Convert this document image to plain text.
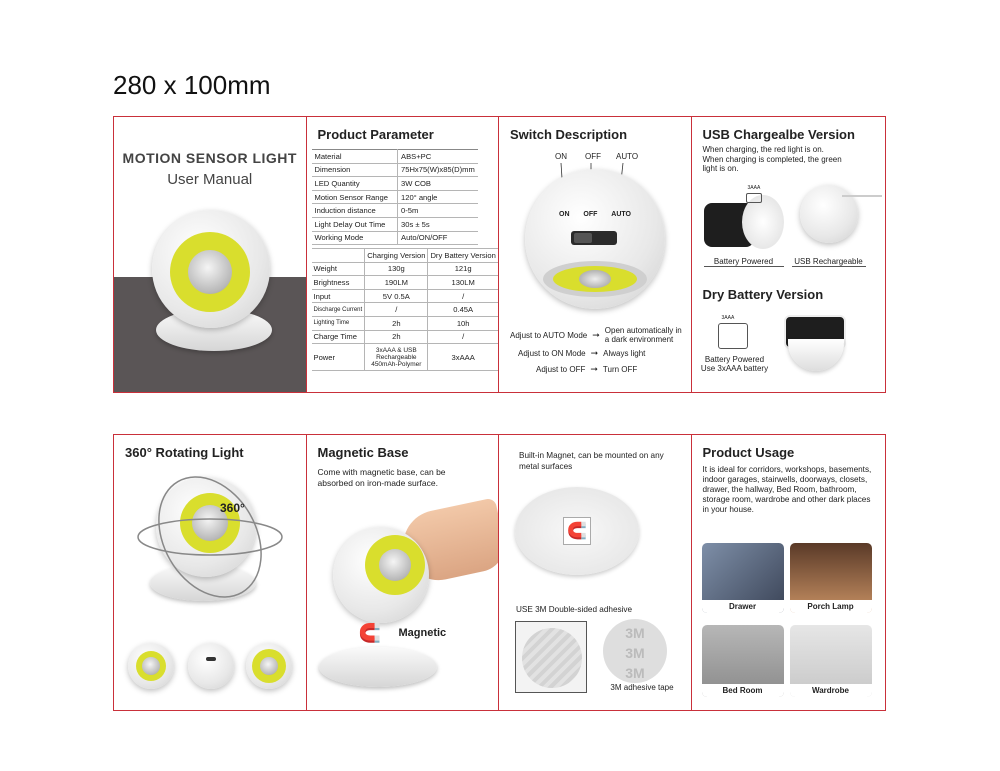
280 x 100mm
MOTION SENSOR LIGHT
User Manual
Product Parameter
Material	ABS+PC
Dimension	75Hx75(W)x85(D)mm
LED Quantity	3W COB
Motion Sensor Range	120° angle
Induction distance	0-5m
Light Delay Out Time	30s ± 5s
Working Mode	Auto/ON/OFF
	Charging Version	Dry Battery Version
Weight	130g	121g
Brightness	190LM	130LM
Input	5V 0.5A	/
Discharge Current	/	0.45A
Lighting Time	2h	10h
Charge Time	2h	/
Power	3xAAA & USB Rechargeable 450mAh-Polymer	3xAAA
Switch Description
ON OFF AUTO
ON OFF AUTO
Adjust to AUTO Mode ➞ Open automatically in a dark environment
Adjust to ON Mode ➞ Always light
Adjust to OFF ➞ Turn OFF
USB Chargealbe Version
When charging, the red light is on. When charging is completed, the green light is on.
3AAA
Battery Powered	USB Rechargeable
Dry Battery Version
3AAA
Battery Powered
Use 3xAAA battery
360° Rotating Light
360°
Magnetic Base
Come with magnetic base, can be absorbed on iron-made surface.
🧲 Magnetic
Built-in Magnet, can be mounted on any metal surfaces
🧲
USE 3M Double-sided adhesive
3M
3M
3M
3M adhesive tape
Product Usage
It is ideal for corridors, workshops, basements, indoor garages, stairwells, doorways, closets, drawer, the hallway, Bed Room, bathroom, storage room, wardrobe and other dark places in your house.
Drawer	Porch Lamp
Bed Room	Wardrobe
